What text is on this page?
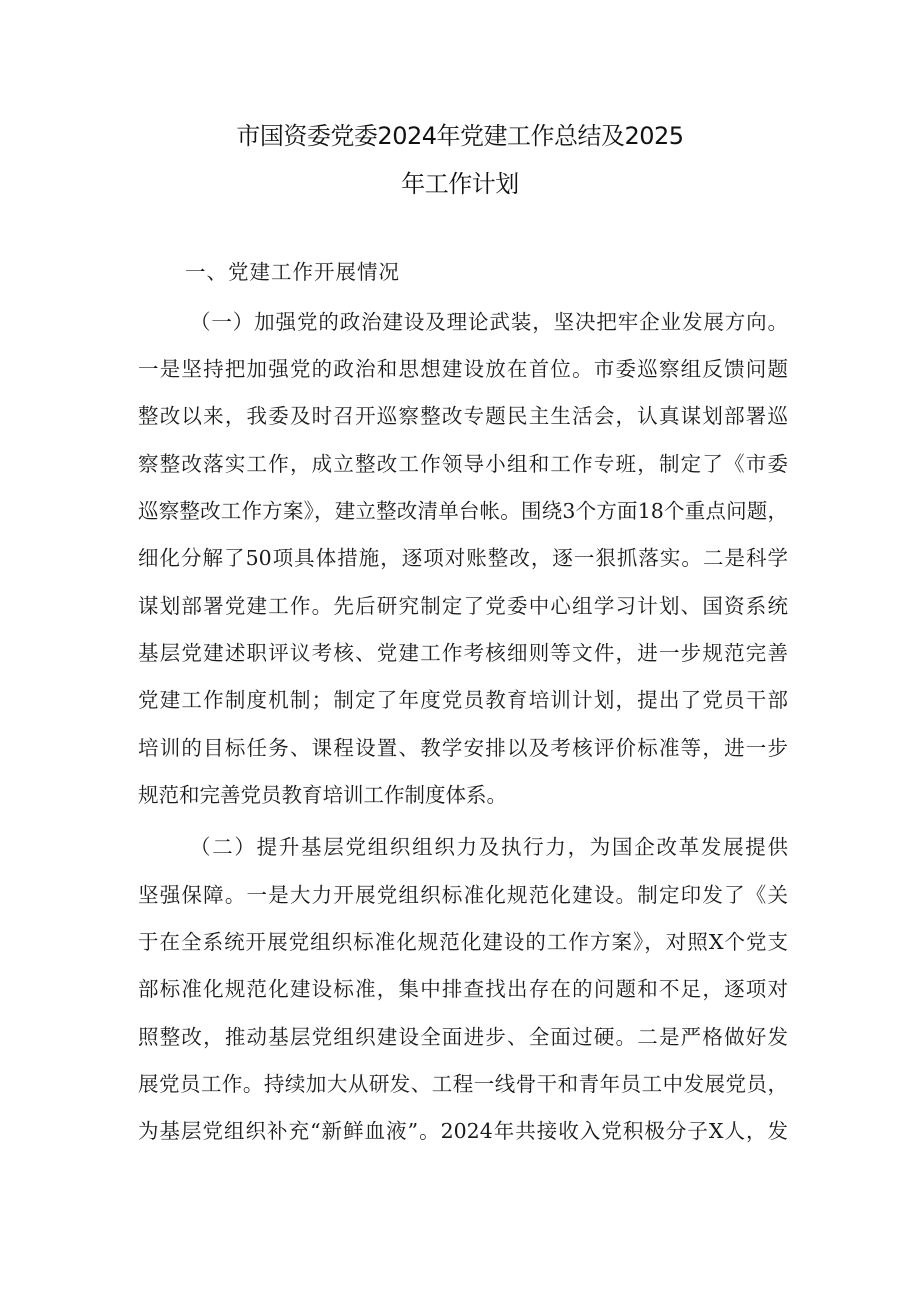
市国资委党委2024年党建工作总结及2025
年工作计划

一、党建工作开展情况

（一）加强党的政治建设及理论武装，坚决把牢企业发展方向。

一是坚持把加强党的政治和思想建设放在首位。市委巡察组反馈问题

整改以来，我委及时召开巡察整改专题民主生活会，认真谋划部署巡

察整改落实工作，成立整改工作领导小组和工作专班，制定了《市委

巡察整改工作方案》，建立整改清单台帐。围绕3个方面18个重点问题，

细化分解了50项具体措施，逐项对账整改，逐一狠抓落实。二是科学

谋划部署党建工作。先后研究制定了党委中心组学习计划、国资系统

基层党建述职评议考核、党建工作考核细则等文件，进一步规范完善

党建工作制度机制；制定了年度党员教育培训计划，提出了党员干部

培训的目标任务、课程设置、教学安排以及考核评价标准等，进一步

规范和完善党员教育培训工作制度体系。

（二）提升基层党组织组织力及执行力，为国企改革发展提供

坚强保障。一是大力开展党组织标准化规范化建设。制定印发了《关

于在全系统开展党组织标准化规范化建设的工作方案》，对照X个党支

部标准化规范化建设标准，集中排查找出存在的问题和不足，逐项对

照整改，推动基层党组织建设全面进步、全面过硬。二是严格做好发

展党员工作。持续加大从研发、工程一线骨干和青年员工中发展党员，

为基层党组织补充“新鲜血液”。2024年共接收入党积极分子X人，发
